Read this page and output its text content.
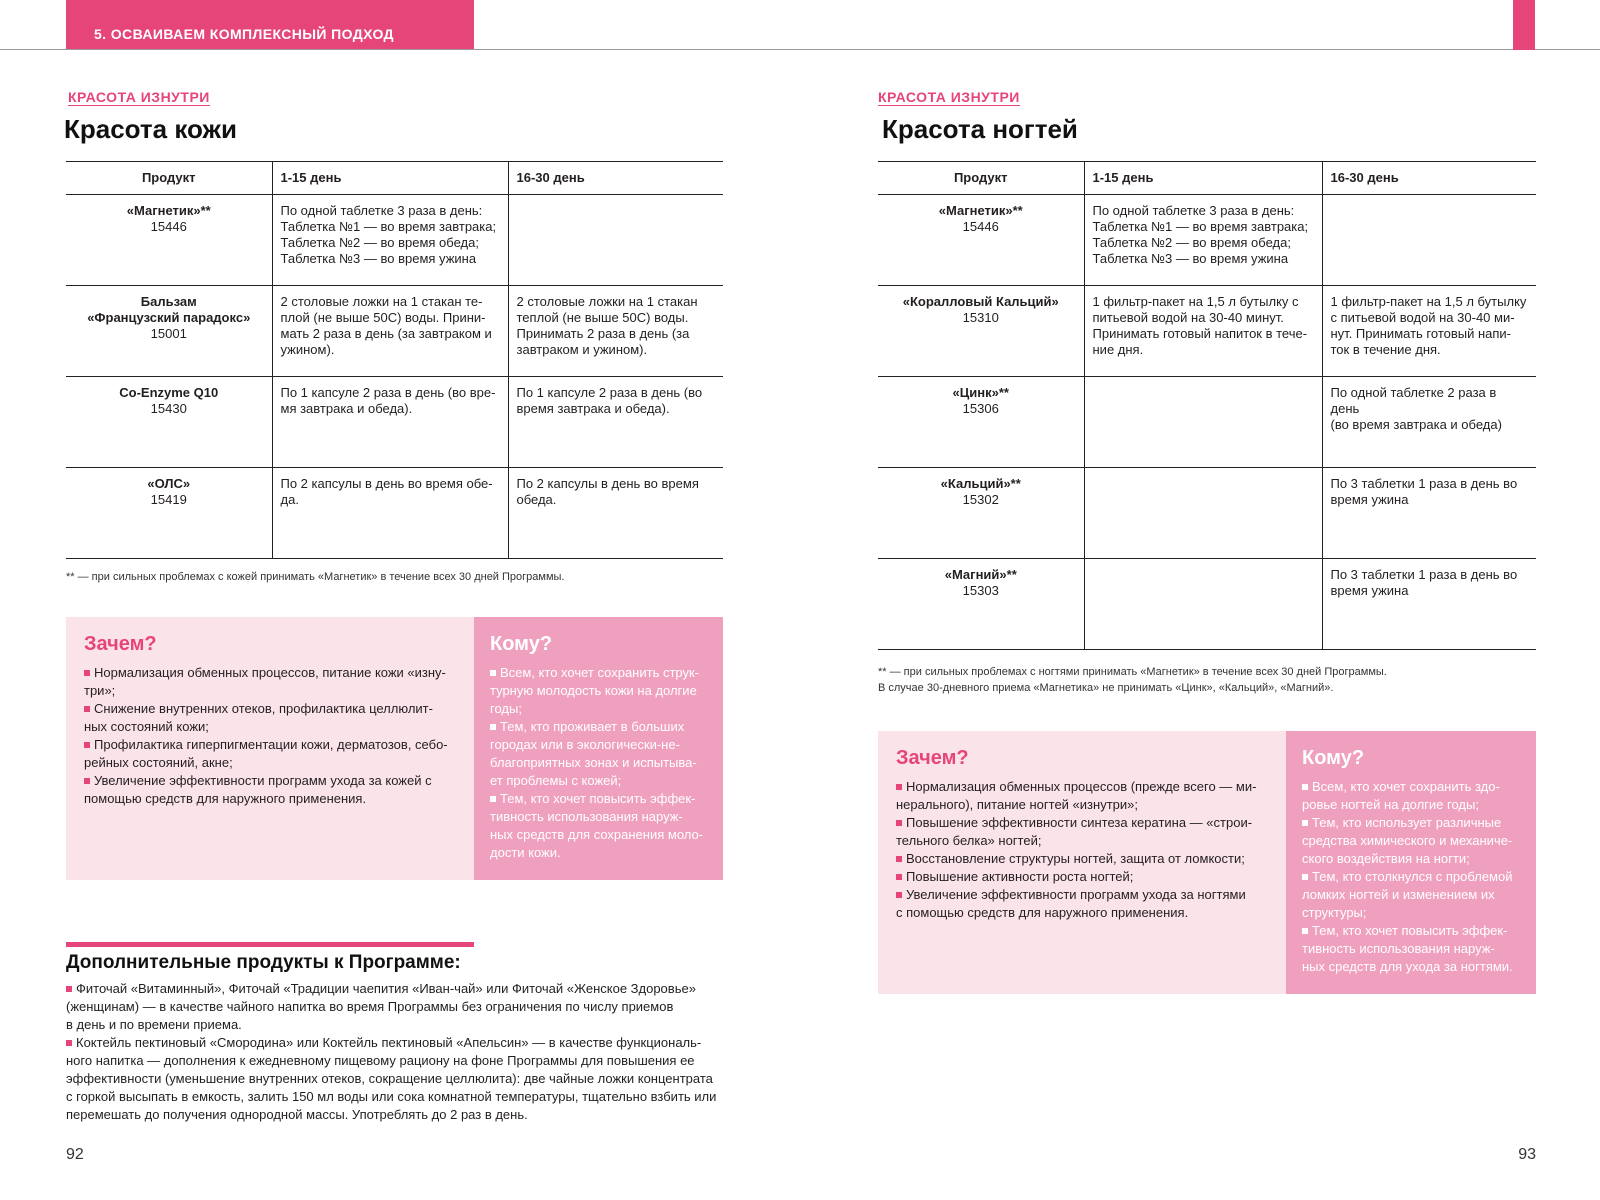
5. ОСВАИВАЕМ КОМПЛЕКСНЫЙ ПОДХОД
КРАСОТА ИЗНУТРИ
Красота кожи
Продукт	1-15 день	16-30 день

«Магнетик»**
15446	По одной таблетке 3 раза в день:
Таблетка №1 — во время завтрака;
Таблетка №2 — во время обеда;
Таблетка №3 — во время ужина	

Бальзам
«Французский парадокс»
15001	2 столовые ложки на 1 стакан те-
плой (не выше 50С) воды. Прини-
мать 2 раза в день (за завтраком и
ужином).	2 столовые ложки на 1 стакан
теплой (не выше 50С) воды.
Принимать 2 раза в день (за
завтраком и ужином).

Co-Enzyme Q10
15430	По 1 капсуле 2 раза в день (во вре-
мя завтрака и обеда).	По 1 капсуле 2 раза в день (во
время завтрака и обеда).

«ОЛС»
15419	По 2 капсулы в день во время обе-
да.	По 2 капсулы в день во время
обеда.
** — при сильных проблемах с кожей принимать «Магнетик» в течение всех 30 дней Программы.
Зачем?
Нормализация обменных процессов, питание кожи «изну-
три»;
Снижение внутренних отеков, профилактика целлюлит-
ных состояний кожи;
Профилактика гиперпигментации кожи, дерматозов, себо-
рейных состояний, акне;
Увеличение эффективности программ ухода за кожей с
помощью средств для наружного применения.
Кому?
Всем, кто хочет сохранить струк-
турную молодость кожи на долгие
годы;
Тем, кто проживает в больших
городах или в экологически-не-
благоприятных зонах и испытыва-
ет проблемы с кожей;
Тем, кто хочет повысить эффек-
тивность использования наруж-
ных средств для сохранения моло-
дости кожи.
Дополнительные продукты к Программе:
Фиточай «Витаминный», Фиточай «Традиции чаепития «Иван-чай» или Фиточай «Женское Здоровье»
(женщинам) — в качестве чайного напитка во время Программы без ограничения по числу приемов
в день и по времени приема.
Коктейль пектиновый «Смородина» или Коктейль пектиновый «Апельсин» — в качестве функциональ-
ного напитка — дополнения к ежедневному пищевому рациону на фоне Программы для повышения ее
эффективности (уменьшение внутренних отеков, сокращение целлюлита): две чайные ложки концентрата
с горкой высыпать в емкость, залить 150 мл воды или сока комнатной температуры, тщательно взбить или
перемешать до получения однородной массы. Употреблять до 2 раз в день.
92
КРАСОТА ИЗНУТРИ
Красота ногтей
Продукт	1-15 день	16-30 день

«Магнетик»**
15446	По одной таблетке 3 раза в день:
Таблетка №1 — во время завтрака;
Таблетка №2 — во время обеда;
Таблетка №3 — во время ужина	

«Коралловый Кальций»
15310	1 фильтр-пакет на 1,5 л бутылку с
питьевой водой на 30-40 минут.
Принимать готовый напиток в тече-
ние дня.	1 фильтр-пакет на 1,5 л бутылку
с питьевой водой на 30-40 ми-
нут. Принимать готовый напи-
ток в течение дня.

«Цинк»**
15306		По одной таблетке 2 раза в день
(во время завтрака и обеда)

«Кальций»**
15302		По 3 таблетки 1 раза в день во
время ужина

«Магний»**
15303		По 3 таблетки 1 раза в день во
время ужина
** — при сильных проблемах с ногтями принимать «Магнетик» в течение всех 30 дней Программы.
В случае 30-дневного приема «Магнетика» не принимать «Цинк», «Кальций», «Магний».
Зачем?
Нормализация обменных процессов (прежде всего — ми-
нерального), питание ногтей «изнутри»;
Повышение эффективности синтеза кератина — «строи-
тельного белка» ногтей;
Восстановление структуры ногтей, защита от ломкости;
Повышение активности роста ногтей;
Увеличение эффективности программ ухода за ногтями
с помощью средств для наружного применения.
Кому?
Всем, кто хочет сохранить здо-
ровье ногтей на долгие годы;
Тем, кто использует различные
средства химического и механиче-
ского воздействия на ногти;
Тем, кто столкнулся с проблемой
ломких ногтей и изменением их
структуры;
Тем, кто хочет повысить эффек-
тивность использования наруж-
ных средств для ухода за ногтями.
93
